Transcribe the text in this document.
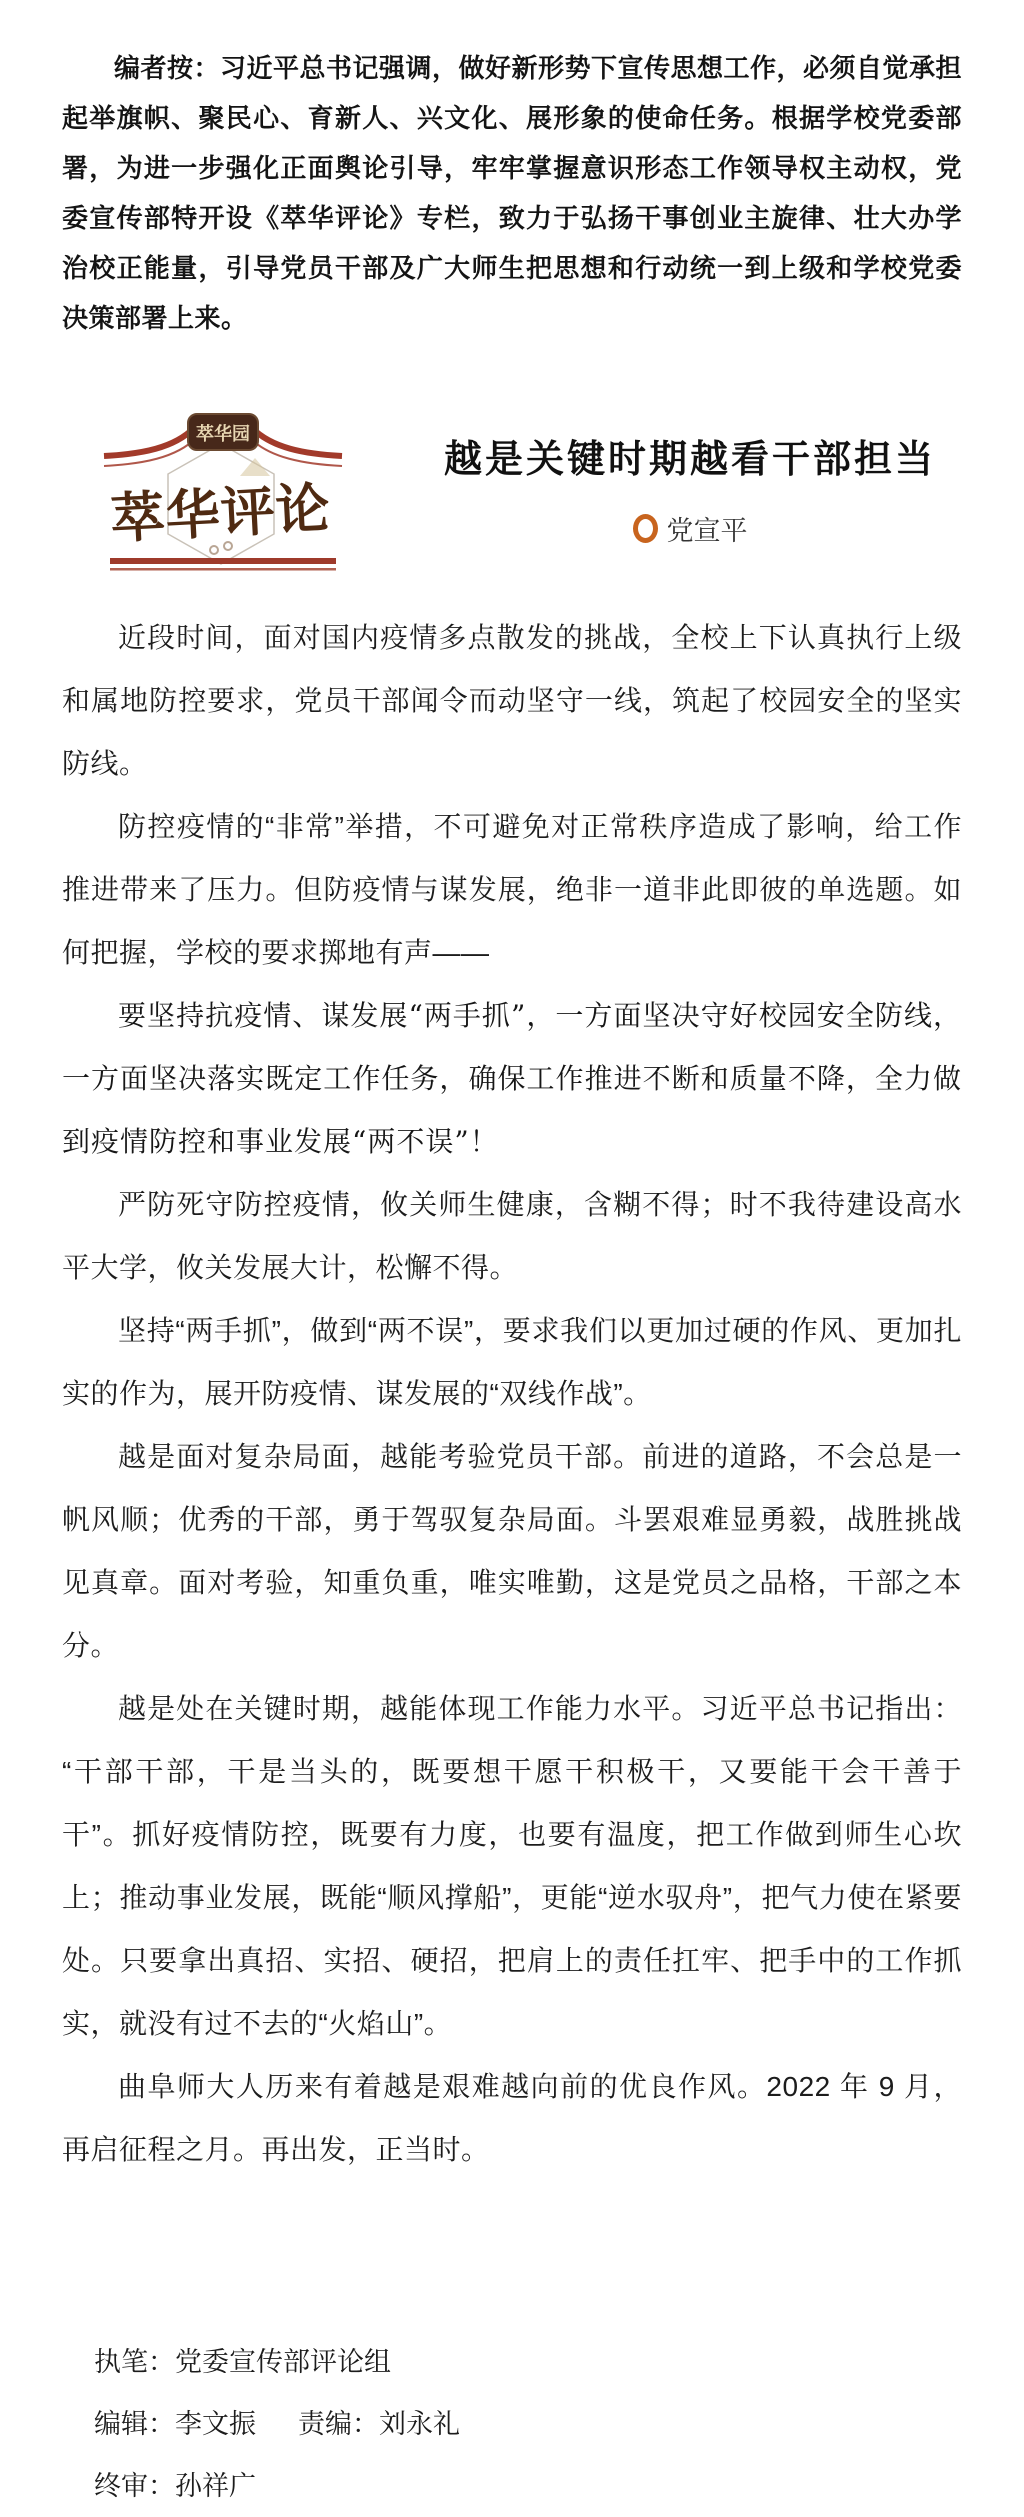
编者按：习近平总书记强调，做好新形势下宣传思想工作，必须自觉承担起举旗帜、聚民心、育新人、兴文化、展形象的使命任务。根据学校党委部署，为进一步强化正面舆论引导，牢牢掌握意识形态工作领导权主动权，党委宣传部特开设《萃华评论》专栏，致力于弘扬干事创业主旋律、壮大办学治校正能量，引导党员干部及广大师生把思想和行动统一到上级和学校党委决策部署上来。

萃华园
萃华评论
越是关键时期越看干部担当
党宣平

近段时间，面对国内疫情多点散发的挑战，全校上下认真执行上级和属地防控要求，党员干部闻令而动坚守一线，筑起了校园安全的坚实防线。

防控疫情的“非常”举措，不可避免对正常秩序造成了影响，给工作推进带来了压力。但防疫情与谋发展，绝非一道非此即彼的单选题。如何把握，学校的要求掷地有声——

要坚持抗疫情、谋发展“两手抓”，一方面坚决守好校园安全防线，一方面坚决落实既定工作任务，确保工作推进不断和质量不降，全力做到疫情防控和事业发展“两不误”！

严防死守防控疫情，攸关师生健康，含糊不得；时不我待建设高水平大学，攸关发展大计，松懈不得。

坚持“两手抓”，做到“两不误”，要求我们以更加过硬的作风、更加扎实的作为，展开防疫情、谋发展的“双线作战”。

越是面对复杂局面，越能考验党员干部。前进的道路，不会总是一帆风顺；优秀的干部，勇于驾驭复杂局面。斗罢艰难显勇毅，战胜挑战见真章。面对考验，知重负重，唯实唯勤，这是党员之品格，干部之本分。

越是处在关键时期，越能体现工作能力水平。习近平总书记指出：“干部干部，干是当头的，既要想干愿干积极干，又要能干会干善于干”。抓好疫情防控，既要有力度，也要有温度，把工作做到师生心坎上；推动事业发展，既能“顺风撑船”，更能“逆水驭舟”，把气力使在紧要处。只要拿出真招、实招、硬招，把肩上的责任扛牢、把手中的工作抓实，就没有过不去的“火焰山”。

曲阜师大人历来有着越是艰难越向前的优良作风。2022 年 9 月，再启征程之月。再出发，正当时。

执笔：党委宣传部评论组
编辑：李文振 责编：刘永礼
终审：孙祥广
